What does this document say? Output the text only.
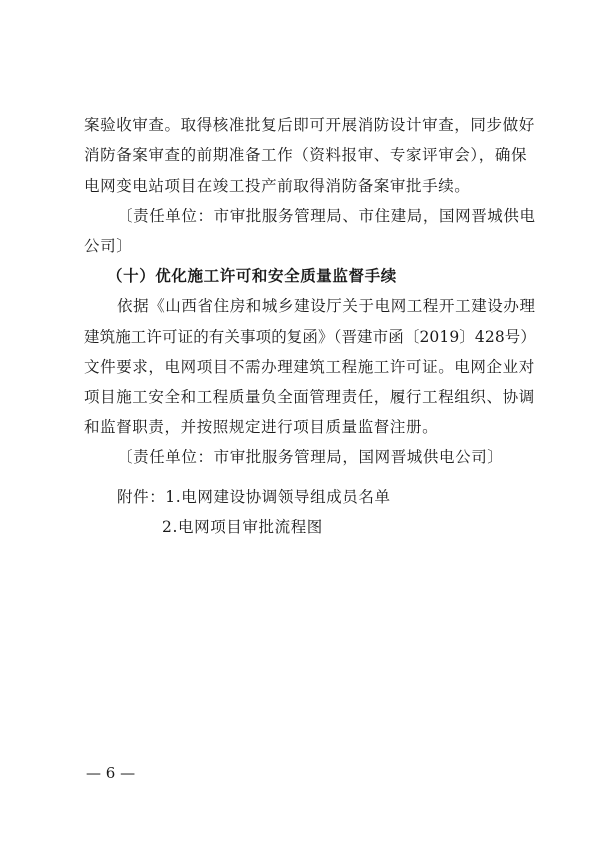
案验收审查。取得核准批复后即可开展消防设计审查，同步做好
消防备案审查的前期准备工作（资料报审、专家评审会），确保
电网变电站项目在竣工投产前取得消防备案审批手续。
〔责任单位：市审批服务管理局、市住建局，国网晋城供电
公司〕
（十）优化施工许可和安全质量监督手续
依据《山西省住房和城乡建设厅关于电网工程开工建设办理
建筑施工许可证的有关事项的复函》（晋建市函〔2019〕428号）
文件要求，电网项目不需办理建筑工程施工许可证。电网企业对
项目施工安全和工程质量负全面管理责任，履行工程组织、协调
和监督职责，并按照规定进行项目质量监督注册。
〔责任单位：市审批服务管理局，国网晋城供电公司〕
附件：1.电网建设协调领导组成员名单
2.电网项目审批流程图
— 6 —
